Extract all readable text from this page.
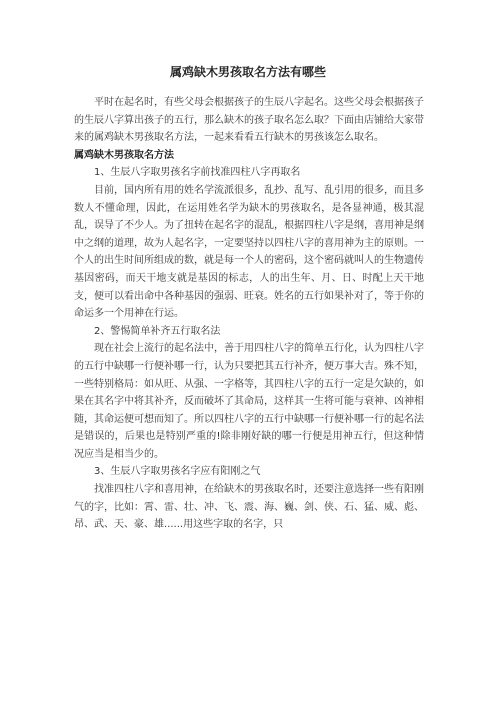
属鸡缺木男孩取名方法有哪些

平时在起名时，有些父母会根据孩子的生辰八字起名。这些父母会根据孩子的生辰八字算出孩子的五行，那么缺木的孩子取名怎么取？下面由店铺给大家带来的属鸡缺木男孩取名方法，一起来看看五行缺木的男孩该怎么取名。

属鸡缺木男孩取名方法

1、生辰八字取男孩名字前找准四柱八字再取名

目前，国内所有用的姓名学流派很多，乱抄、乱写、乱引用的很多，而且多数人不懂命理，因此，在运用姓名学为缺木的男孩取名，是各显神通，极其混乱，误导了不少人。为了扭转在起名字的混乱，根据四柱八字是纲，喜用神是纲中之纲的道理，故为人起名字，一定要坚持以四柱八字的喜用神为主的原则。一个人的出生时间所组成的数，就是每一个人的密码，这个密码就叫人的生物遗传基因密码，而天干地支就是基因的标志，人的出生年、月、日、时配上天干地支，便可以看出命中各种基因的强弱、旺衰。姓名的五行如果补对了，等于你的命运多一个用神在行运。

2、警惕简单补齐五行取名法

现在社会上流行的起名法中，善于用四柱八字的简单五行化，认为四柱八字的五行中缺哪一行便补哪一行，认为只要把其五行补齐，便万事大吉。殊不知，一些特别格局：如从旺、从强、一字格等，其四柱八字的五行一定是欠缺的，如果在其名字中将其补齐，反而破坏了其命局，这样其一生将可能与衰神、凶神相随，其命运便可想而知了。所以四柱八字的五行中缺哪一行便补哪一行的起名法是错误的，后果也是特别严重的!除非刚好缺的哪一行便是用神五行，但这种情况应当是相当少的。

3、生辰八字取男孩名字应有阳刚之气

找准四柱八字和喜用神，在给缺木的男孩取名时，还要注意选择一些有阳刚气的字，比如：霄、雷、壮、冲、飞、震、海、巍、剑、侠、石、猛、威、彪、昂、武、天、豪、雄......用这些字取的名字，只
